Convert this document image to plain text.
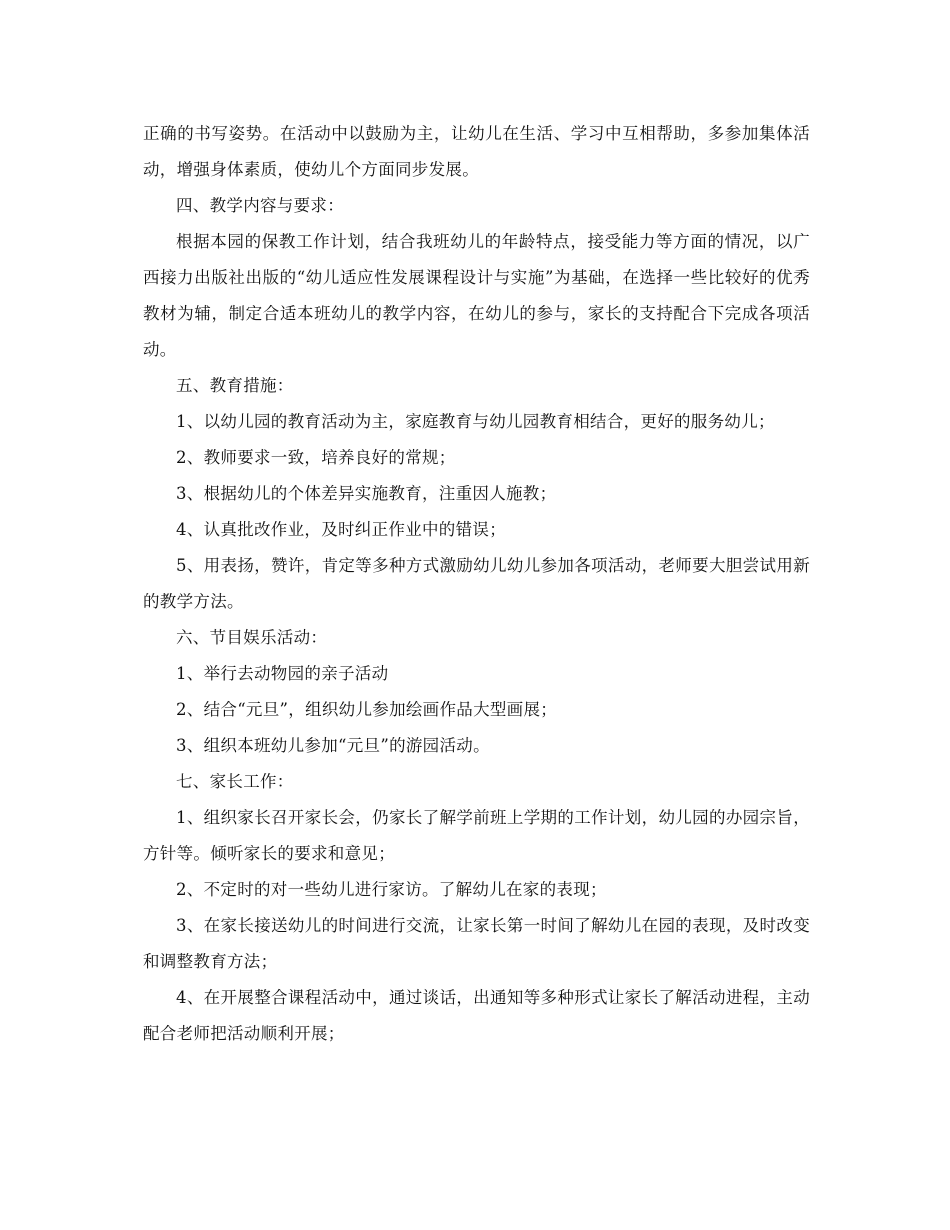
正确的书写姿势。在活动中以鼓励为主，让幼儿在生活、学习中互相帮助，多参加集体活动，增强身体素质，使幼儿个方面同步发展。

四、教学内容与要求：

根据本园的保教工作计划，结合我班幼儿的年龄特点，接受能力等方面的情况，以广西接力出版社出版的“幼儿适应性发展课程设计与实施”为基础，在选择一些比较好的优秀教材为辅，制定合适本班幼儿的教学内容，在幼儿的参与，家长的支持配合下完成各项活动。

五、教育措施：

1、以幼儿园的教育活动为主，家庭教育与幼儿园教育相结合，更好的服务幼儿；

2、教师要求一致，培养良好的常规；

3、根据幼儿的个体差异实施教育，注重因人施教；

4、认真批改作业，及时纠正作业中的错误；

5、用表扬，赞许，肯定等多种方式激励幼儿幼儿参加各项活动，老师要大胆尝试用新的教学方法。

六、节目娱乐活动：

1、举行去动物园的亲子活动

2、结合“元旦”，组织幼儿参加绘画作品大型画展；

3、组织本班幼儿参加“元旦”的游园活动。

七、家长工作：

1、组织家长召开家长会，仍家长了解学前班上学期的工作计划，幼儿园的办园宗旨，方针等。倾听家长的要求和意见；

2、不定时的对一些幼儿进行家访。了解幼儿在家的表现；

3、在家长接送幼儿的时间进行交流，让家长第一时间了解幼儿在园的表现，及时改变和调整教育方法；

4、在开展整合课程活动中，通过谈话，出通知等多种形式让家长了解活动进程，主动配合老师把活动顺利开展；
